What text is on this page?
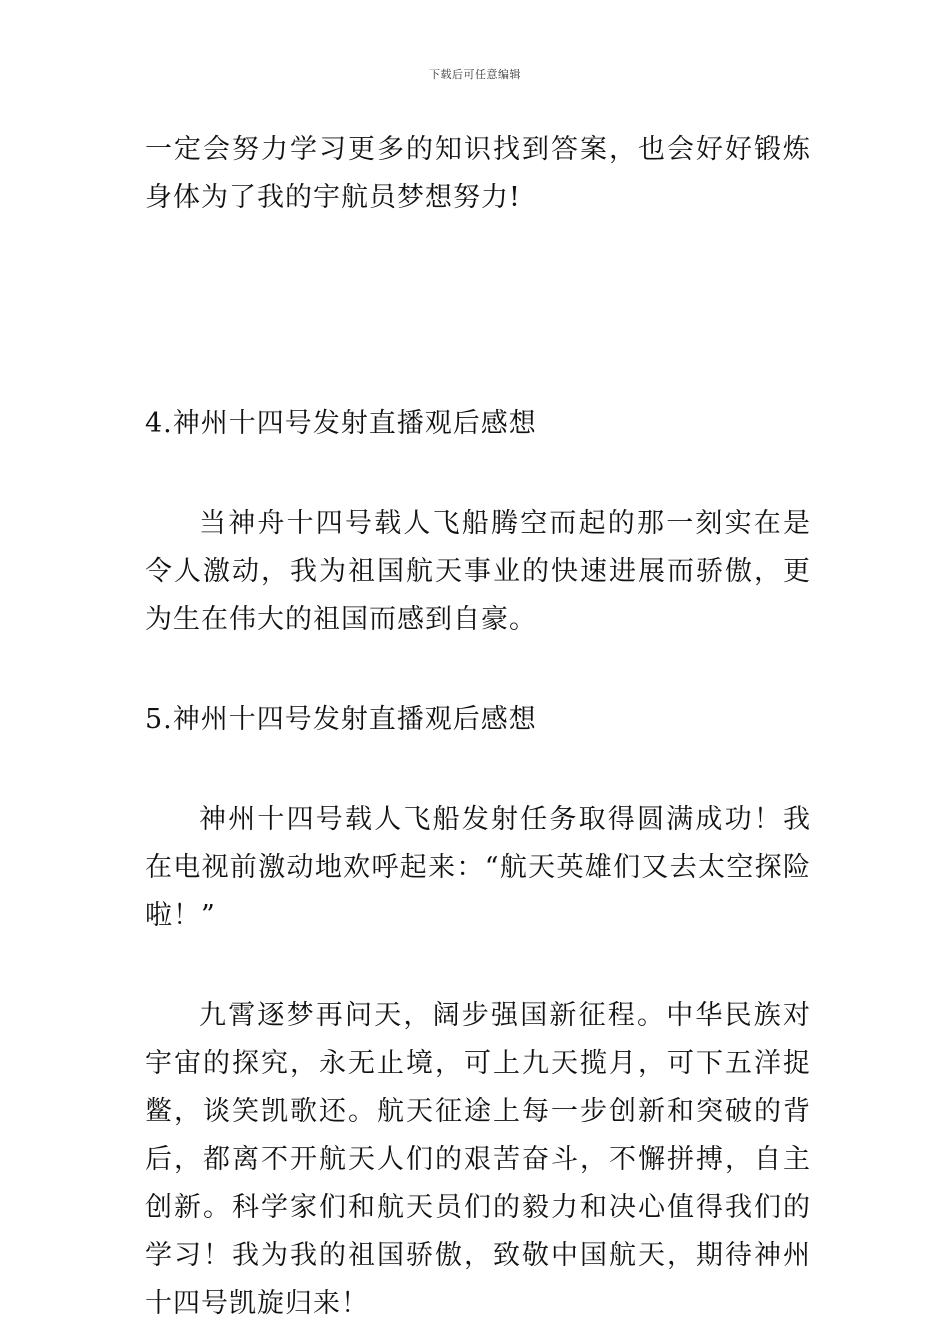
下载后可任意编辑

一定会努力学习更多的知识找到答案，也会好好锻炼身体为了我的宇航员梦想努力!

4.神州十四号发射直播观后感想

当神舟十四号载人飞船腾空而起的那一刻实在是令人激动，我为祖国航天事业的快速进展而骄傲，更为生在伟大的祖国而感到自豪。

5.神州十四号发射直播观后感想

神州十四号载人飞船发射任务取得圆满成功！我在电视前激动地欢呼起来：“航天英雄们又去太空探险啦！”

九霄逐梦再问天，阔步强国新征程。中华民族对宇宙的探究，永无止境，可上九天揽月，可下五洋捉鳖，谈笑凯歌还。航天征途上每一步创新和突破的背后，都离不开航天人们的艰苦奋斗，不懈拼搏，自主创新。科学家们和航天员们的毅力和决心值得我们的学习！我为我的祖国骄傲，致敬中国航天，期待神州十四号凯旋归来！
